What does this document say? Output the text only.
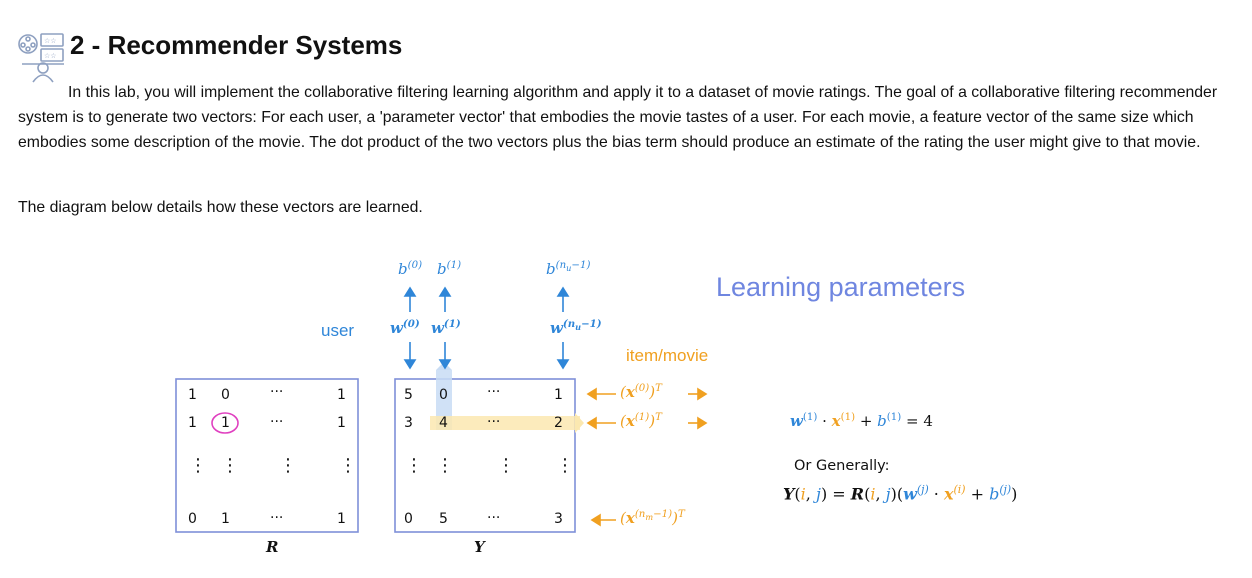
☆☆
☆☆ 2 - Recommender Systems

In this lab, you will implement the collaborative filtering learning algorithm and apply it to a dataset of movie ratings. The goal of a collaborative filtering recommender system is to generate two vectors: For each user, a 'parameter vector' that embodies the movie tastes of a user. For each movie, a feature vector of the same size which embodies some description of the movie. The dot product of the two vectors plus the bias term should produce an estimate of the rating the user might give to that movie.

The diagram below details how these vectors are learned.

$b^{(0)}$ $b^{(1)}$	$b^{(n_u-1)}$
user $w^{(0)}$ $w^{(1)}$	$w^{(n_u-1)}$
Learning parameters
item/movie
$(x^{(0)})^T$
$(x^{(1)})^T$
$(x^{(n_m-1)})^T$
1 0	···	1
1 1	···	1
⋮ ⋮ ⋮ ⋮
0 1	···	1
R
5 0	···	1
3 4	···	2
⋮ ⋮ ⋮ ⋮
0 5	···	3
Y
$w^{(1)} \cdot x^{(1)} + b^{(1)} = 4$
Or Generally:
Y(i, j) = R(i, $j)(w^{(j)} \cdot x^{(i)} + b^{(j)})$
